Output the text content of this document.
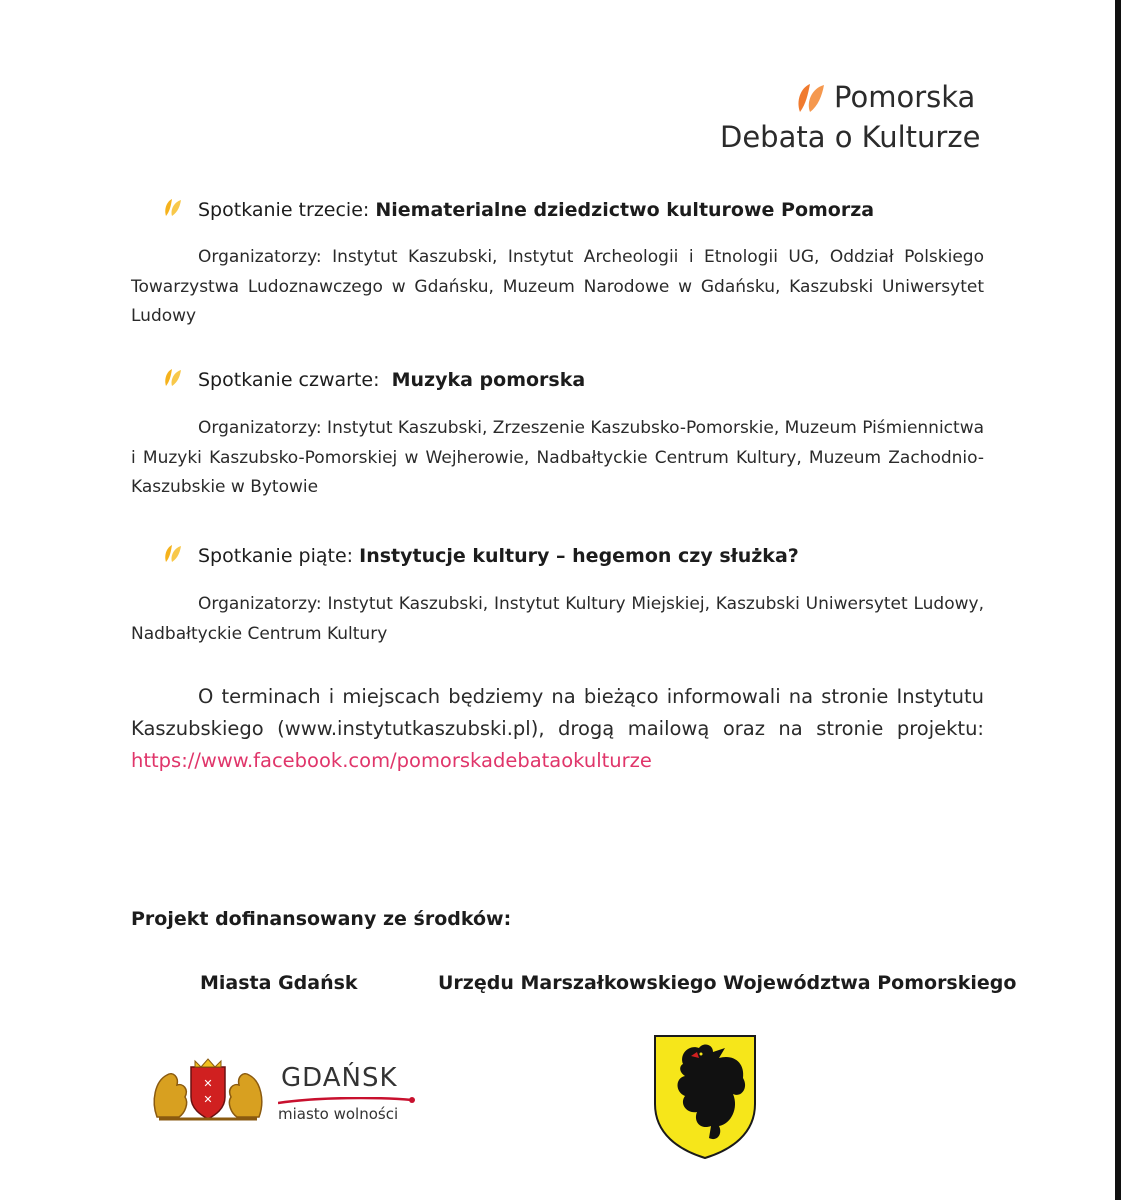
Pomorska
Debata o Kulturze
Spotkanie trzecie: Niematerialne dziedzictwo kulturowe Pomorza

Organizatorzy: Instytut Kaszubski, Instytut Archeologii i Etnologii UG, Oddział Polskiego Towarzystwa Ludoznawczego w Gdańsku, Muzeum Narodowe w Gdańsku, Kaszubski Uniwersytet Ludowy

Spotkanie czwarte:  Muzyka pomorska

Organizatorzy: Instytut Kaszubski, Zrzeszenie Kaszubsko-Pomorskie, Muzeum Piśmiennictwa i Muzyki Kaszubsko-Pomorskiej w Wejherowie, Nadbałtyckie Centrum Kultury, Muzeum Zachodnio-Kaszubskie w Bytowie

Spotkanie piąte: Instytucje kultury – hegemon czy służka?

Organizatorzy: Instytut Kaszubski, Instytut Kultury Miejskiej, Kaszubski Uniwersytet Ludowy, Nadbałtyckie Centrum Kultury

O terminach i miejscach będziemy na bieżąco informowali na stronie Instytutu Kaszubskiego (www.instytutkaszubski.pl), drogą mailową oraz na stronie projektu: https://www.facebook.com/pomorskadebataokulturze

Projekt dofinansowany ze środków:
Miasta Gdańsk	Urzędu Marszałkowskiego Województwa Pomorskiego
✕
✕
GDAŃSK
miasto wolności
